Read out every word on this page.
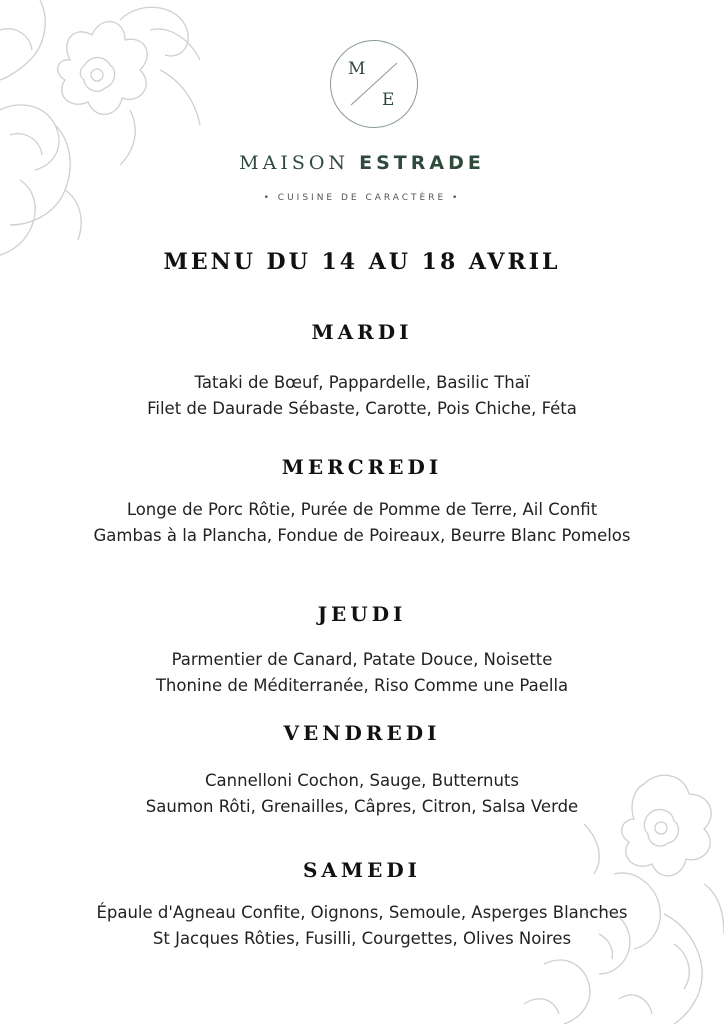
M
E
MAISON ESTRADE
• CUISINE DE CARACTÈRE •
MENU DU 14 AU 18 AVRIL
MARDI
Tataki de Bœuf, Pappardelle, Basilic Thaï
Filet de Daurade Sébaste, Carotte, Pois Chiche, Féta
MERCREDI
Longe de Porc Rôtie, Purée de Pomme de Terre, Ail Confit
Gambas à la Plancha, Fondue de Poireaux, Beurre Blanc Pomelos
JEUDI
Parmentier de Canard, Patate Douce, Noisette
Thonine de Méditerranée, Riso Comme une Paella
VENDREDI
Cannelloni Cochon, Sauge, Butternuts
Saumon Rôti, Grenailles, Câpres, Citron, Salsa Verde
SAMEDI
Épaule d'Agneau Confite, Oignons, Semoule, Asperges Blanches
St Jacques Rôties, Fusilli, Courgettes, Olives Noires
